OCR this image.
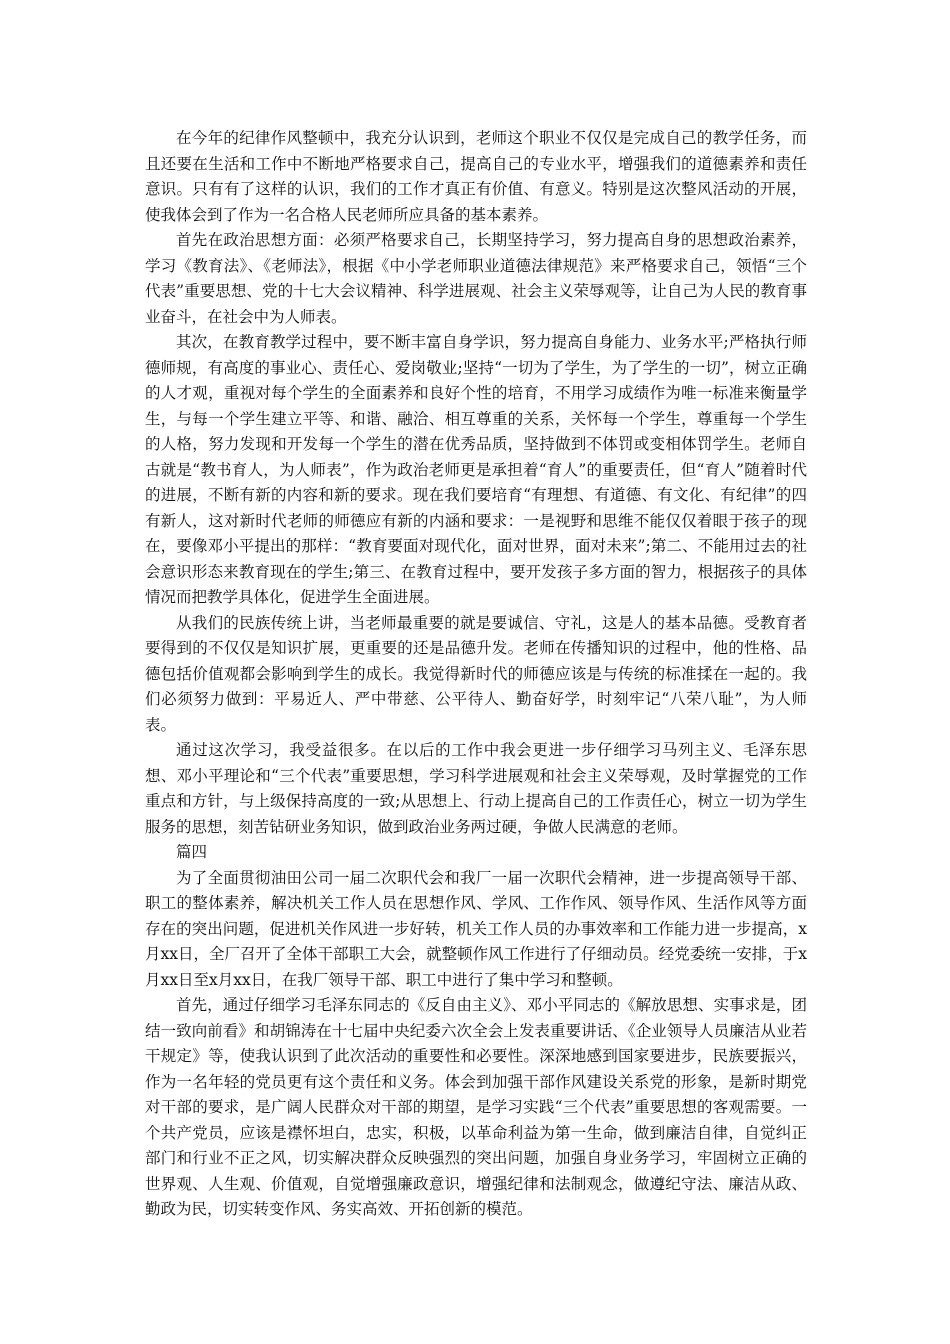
在今年的纪律作风整顿中，我充分认识到，老师这个职业不仅仅是完成自己的教学任务，而且还要在生活和工作中不断地严格要求自己，提高自己的专业水平，增强我们的道德素养和责任意识。只有有了这样的认识，我们的工作才真正有价值、有意义。特别是这次整风活动的开展，使我体会到了作为一名合格人民老师所应具备的基本素养。

首先在政治思想方面：必须严格要求自己，长期坚持学习，努力提高自身的思想政治素养，学习《教育法》、《老师法》，根据《中小学老师职业道德法律规范》来严格要求自己，领悟“三个代表”重要思想、党的十七大会议精神、科学进展观、社会主义荣辱观等，让自己为人民的教育事业奋斗，在社会中为人师表。

其次，在教育教学过程中，要不断丰富自身学识，努力提高自身能力、业务水平;严格执行师德师规，有高度的事业心、责任心、爱岗敬业;坚持“一切为了学生，为了学生的一切”，树立正确的人才观，重视对每个学生的全面素养和良好个性的培育，不用学习成绩作为唯一标准来衡量学生，与每一个学生建立平等、和谐、融洽、相互尊重的关系，关怀每一个学生，尊重每一个学生的人格，努力发现和开发每一个学生的潜在优秀品质，坚持做到不体罚或变相体罚学生。老师自古就是“教书育人，为人师表”，作为政治老师更是承担着“育人”的重要责任，但“育人”随着时代的进展，不断有新的内容和新的要求。现在我们要培育“有理想、有道德、有文化、有纪律”的四有新人，这对新时代老师的师德应有新的内涵和要求：一是视野和思维不能仅仅着眼于孩子的现在，要像邓小平提出的那样：“教育要面对现代化，面对世界，面对未来”;第二、不能用过去的社会意识形态来教育现在的学生;第三、在教育过程中，要开发孩子多方面的智力，根据孩子的具体情况而把教学具体化，促进学生全面进展。

从我们的民族传统上讲，当老师最重要的就是要诚信、守礼，这是人的基本品德。受教育者要得到的不仅仅是知识扩展，更重要的还是品德升发。老师在传播知识的过程中，他的性格、品德包括价值观都会影响到学生的成长。我觉得新时代的师德应该是与传统的标准揉在一起的。我们必须努力做到：平易近人、严中带慈、公平待人、勤奋好学，时刻牢记“八荣八耻”，为人师表。

通过这次学习，我受益很多。在以后的工作中我会更进一步仔细学习马列主义、毛泽东思想、邓小平理论和“三个代表”重要思想，学习科学进展观和社会主义荣辱观，及时掌握党的工作重点和方针，与上级保持高度的一致;从思想上、行动上提高自己的工作责任心，树立一切为学生服务的思想，刻苦钻研业务知识，做到政治业务两过硬，争做人民满意的老师。

篇四

为了全面贯彻油田公司一届二次职代会和我厂一届一次职代会精神，进一步提高领导干部、职工的整体素养，解决机关工作人员在思想作风、学风、工作作风、领导作风、生活作风等方面存在的突出问题，促进机关作风进一步好转，机关工作人员的办事效率和工作能力进一步提高，x月xx日，全厂召开了全体干部职工大会，就整顿作风工作进行了仔细动员。经党委统一安排，于x月xx日至x月xx日，在我厂领导干部、职工中进行了集中学习和整顿。

首先，通过仔细学习毛泽东同志的《反自由主义》、邓小平同志的《解放思想、实事求是，团结一致向前看》和胡锦涛在十七届中央纪委六次全会上发表重要讲话、《企业领导人员廉洁从业若干规定》等，使我认识到了此次活动的重要性和必要性。深深地感到国家要进步，民族要振兴，作为一名年轻的党员更有这个责任和义务。体会到加强干部作风建设关系党的形象，是新时期党对干部的要求，是广阔人民群众对干部的期望，是学习实践“三个代表”重要思想的客观需要。一个共产党员，应该是襟怀坦白，忠实，积极，以革命利益为第一生命，做到廉洁自律，自觉纠正部门和行业不正之风，切实解决群众反映强烈的突出问题，加强自身业务学习，牢固树立正确的世界观、人生观、价值观，自觉增强廉政意识，增强纪律和法制观念，做遵纪守法、廉洁从政、勤政为民，切实转变作风、务实高效、开拓创新的模范。
